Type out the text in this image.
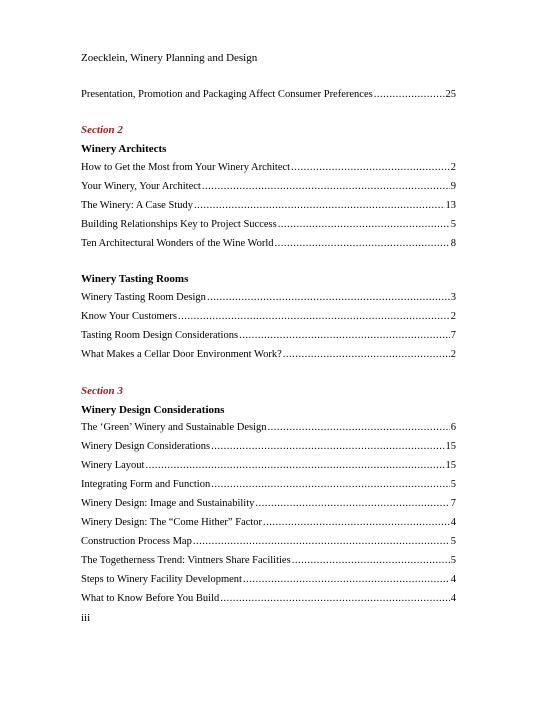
Zoecklein, Winery Planning and Design
Presentation, Promotion and Packaging Affect Consumer Preferences .....	25
Section 2
Winery Architects
How to Get the Most from Your Winery Architect .....	2
Your Winery, Your Architect .....	9
The Winery: A Case Study .....	13
Building Relationships Key to Project Success .....	5
Ten Architectural Wonders of the Wine World .....	8
Winery Tasting Rooms
Winery Tasting Room Design .....	3
Know Your Customers .....	2
Tasting Room Design Considerations .....	7
What Makes a Cellar Door Environment Work? .....	2
Section 3
Winery Design Considerations
The ‘Green’ Winery and Sustainable Design .....	6
Winery Design Considerations .....	15
Winery Layout .....	15
Integrating Form and Function .....	5
Winery Design: Image and Sustainability .....	7
Winery Design: The “Come Hither” Factor .....	4
Construction Process Map .....	5
The Togetherness Trend: Vintners Share Facilities .....	5
Steps to Winery Facility Development .....	4
What to Know Before You Build .....	4
iii
